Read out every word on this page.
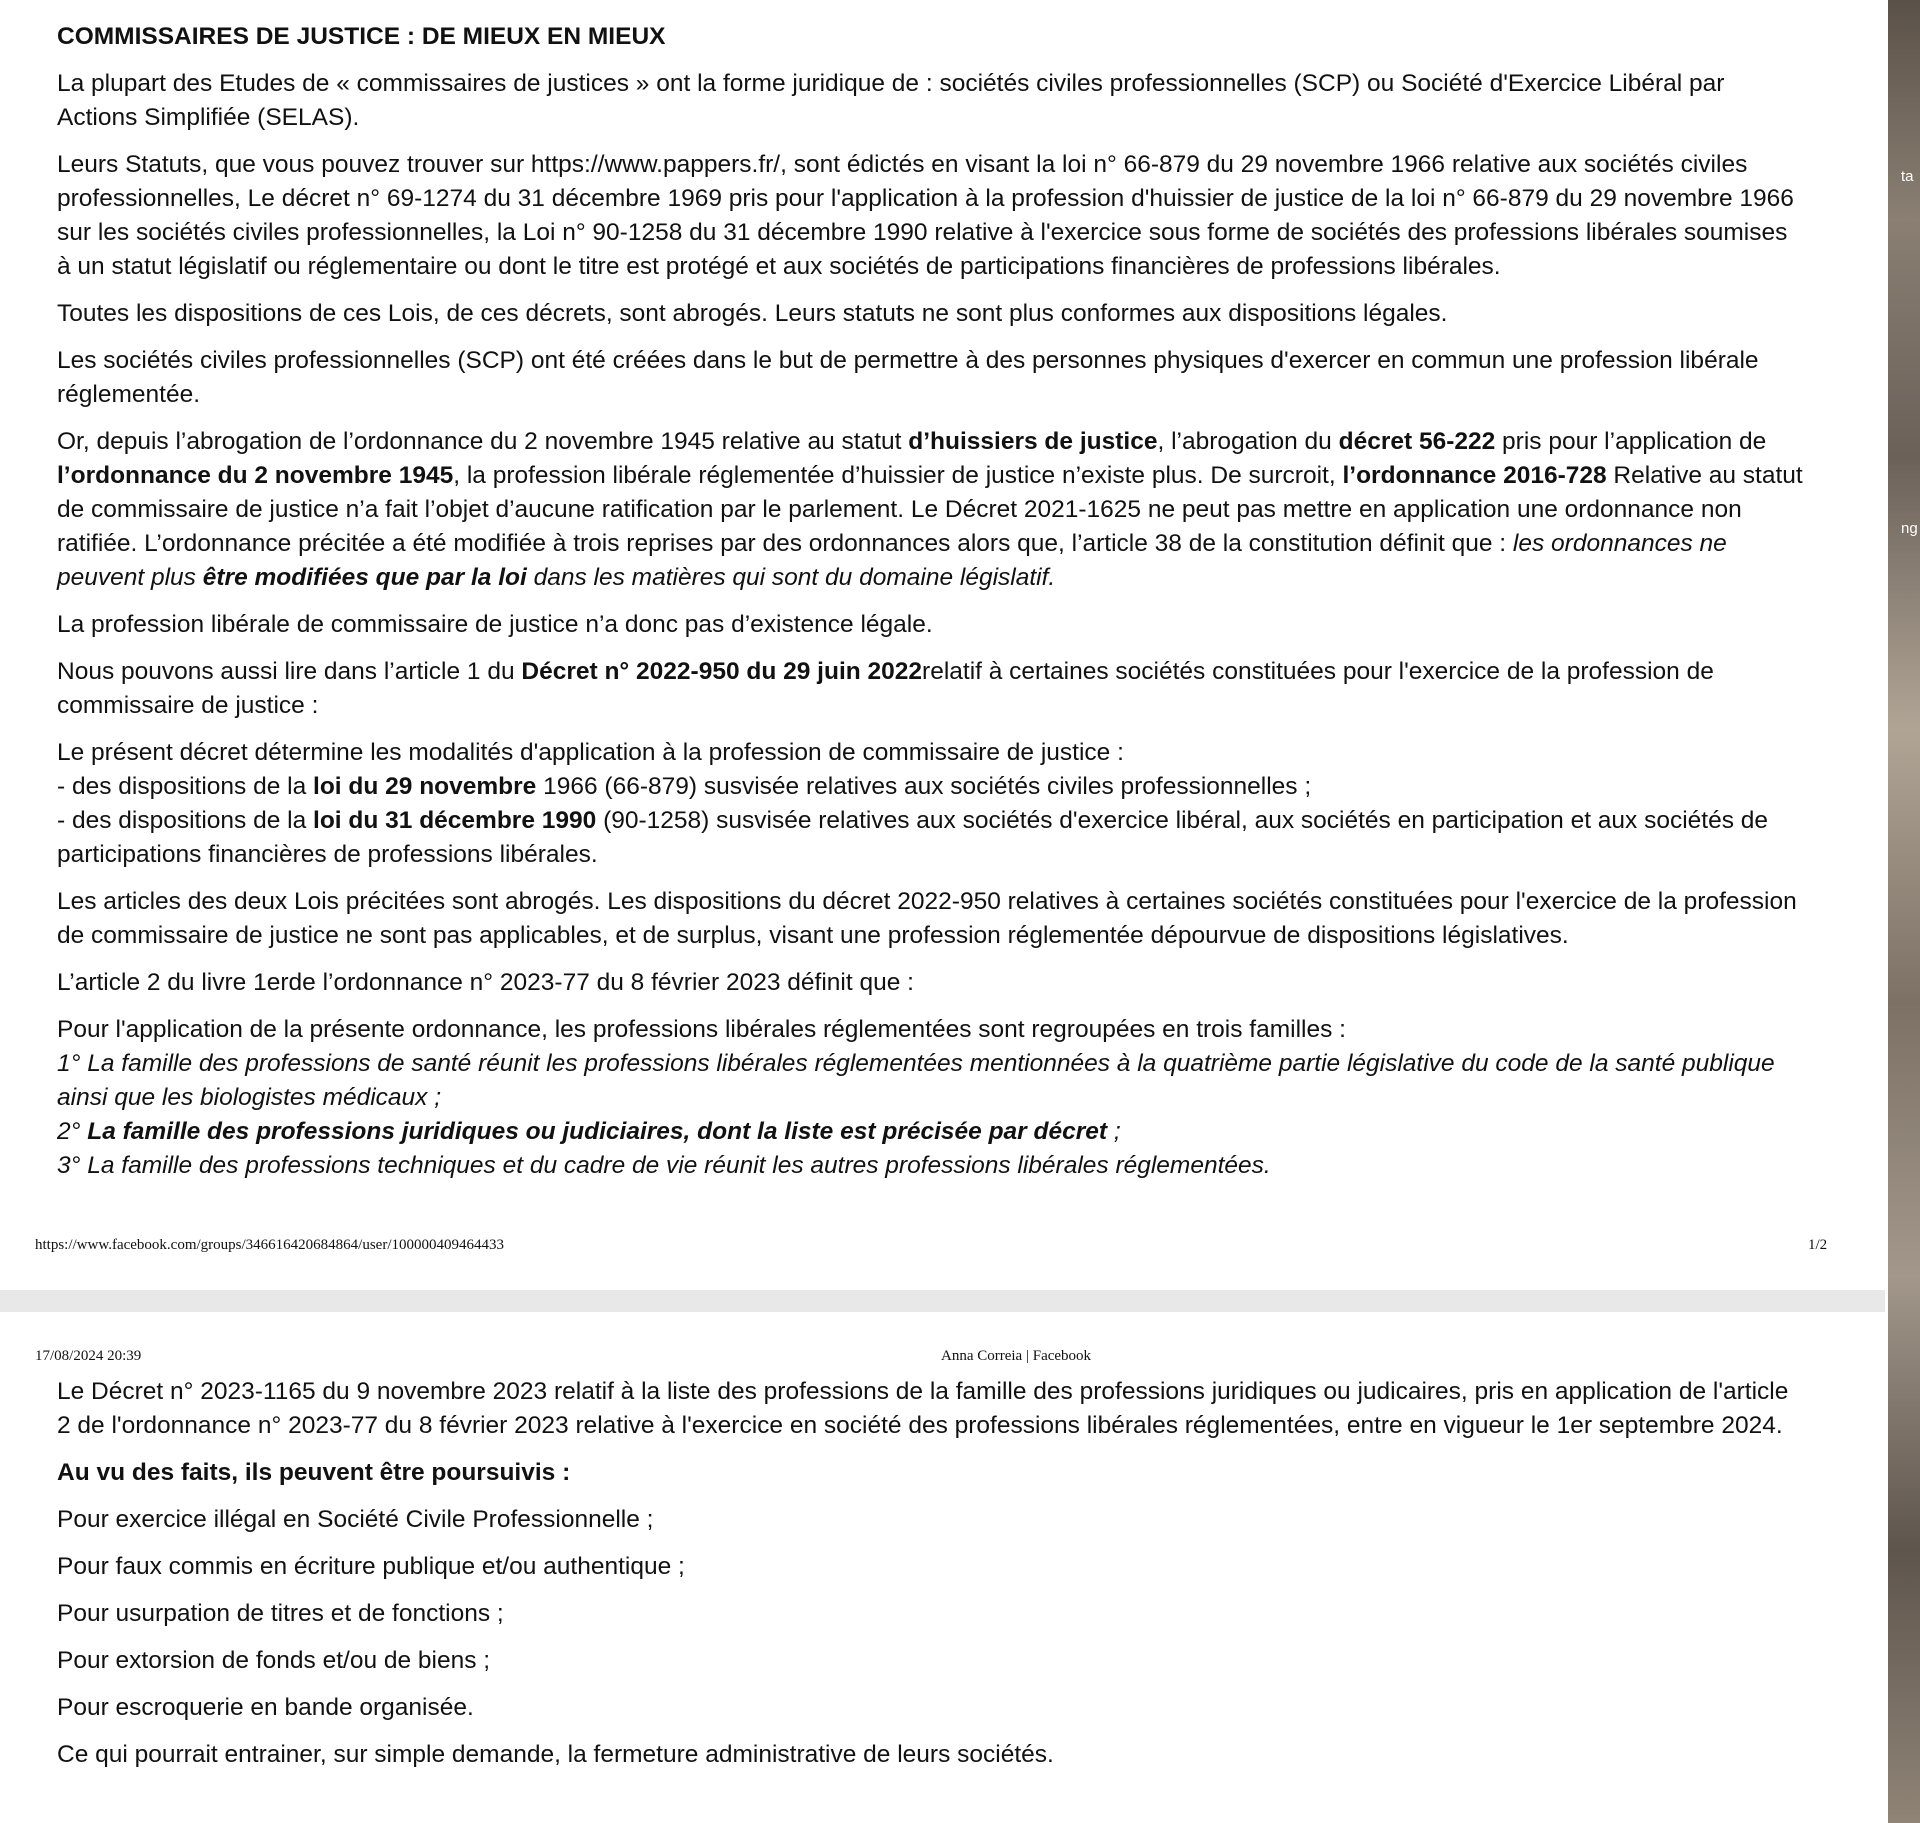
COMMISSAIRES DE JUSTICE : DE MIEUX EN MIEUX

La plupart des Etudes de « commissaires de justices » ont la forme juridique de : sociétés civiles professionnelles (SCP) ou Société d'Exercice Libéral par Actions Simplifiée (SELAS).

Leurs Statuts, que vous pouvez trouver sur https://www.pappers.fr/, sont édictés en visant la loi n° 66-879 du 29 novembre 1966 relative aux sociétés civiles professionnelles, Le décret n° 69-1274 du 31 décembre 1969 pris pour l'application à la profession d'huissier de justice de la loi n° 66-879 du 29 novembre 1966 sur les sociétés civiles professionnelles, la Loi n° 90-1258 du 31 décembre 1990 relative à l'exercice sous forme de sociétés des professions libérales soumises à un statut législatif ou réglementaire ou dont le titre est protégé et aux sociétés de participations financières de professions libérales.

Toutes les dispositions de ces Lois, de ces décrets, sont abrogés. Leurs statuts ne sont plus conformes aux dispositions légales.

Les sociétés civiles professionnelles (SCP) ont été créées dans le but de permettre à des personnes physiques d'exercer en commun une profession libérale réglementée.

Or, depuis l’abrogation de l’ordonnance du 2 novembre 1945 relative au statut d’huissiers de justice, l’abrogation du décret 56-222 pris pour l’application de l’ordonnance du 2 novembre 1945, la profession libérale réglementée d’huissier de justice n’existe plus. De surcroit, l’ordonnance 2016-728 Relative au statut de commissaire de justice n’a fait l’objet d’aucune ratification par le parlement. Le Décret 2021-1625 ne peut pas mettre en application une ordonnance non ratifiée. L’ordonnance précitée a été modifiée à trois reprises par des ordonnances alors que, l’article 38 de la constitution définit que : les ordonnances ne peuvent plus être modifiées que par la loi dans les matières qui sont du domaine législatif.

La profession libérale de commissaire de justice n’a donc pas d’existence légale.

Nous pouvons aussi lire dans l’article 1 du Décret n° 2022-950 du 29 juin 2022relatif à certaines sociétés constituées pour l'exercice de la profession de commissaire de justice :

Le présent décret détermine les modalités d'application à la profession de commissaire de justice :
- des dispositions de la loi du 29 novembre 1966 (66-879) susvisée relatives aux sociétés civiles professionnelles ;
- des dispositions de la loi du 31 décembre 1990 (90-1258) susvisée relatives aux sociétés d'exercice libéral, aux sociétés en participation et aux sociétés de participations financières de professions libérales.

Les articles des deux Lois précitées sont abrogés. Les dispositions du décret 2022-950 relatives à certaines sociétés constituées pour l'exercice de la profession de commissaire de justice ne sont pas applicables, et de surplus, visant une profession réglementée dépourvue de dispositions législatives.

L’article 2 du livre 1erde l’ordonnance n° 2023-77 du 8 février 2023 définit que :

Pour l'application de la présente ordonnance, les professions libérales réglementées sont regroupées en trois familles :
1° La famille des professions de santé réunit les professions libérales réglementées mentionnées à la quatrième partie législative du code de la santé publique ainsi que les biologistes médicaux ;
2° La famille des professions juridiques ou judiciaires, dont la liste est précisée par décret ;
3° La famille des professions techniques et du cadre de vie réunit les autres professions libérales réglementées.

https://www.facebook.com/groups/346616420684864/user/100000409464433	1/2
17/08/2024 20:39	Anna Correia | Facebook

Le Décret n° 2023-1165 du 9 novembre 2023 relatif à la liste des professions de la famille des professions juridiques ou judicaires, pris en application de l'article 2 de l'ordonnance n° 2023-77 du 8 février 2023 relative à l'exercice en société des professions libérales réglementées, entre en vigueur le 1er septembre 2024.

Au vu des faits, ils peuvent être poursuivis :

Pour exercice illégal en Société Civile Professionnelle ;

Pour faux commis en écriture publique et/ou authentique ;

Pour usurpation de titres et de fonctions ;

Pour extorsion de fonds et/ou de biens ;

Pour escroquerie en bande organisée.

Ce qui pourrait entrainer, sur simple demande, la fermeture administrative de leurs sociétés.

ta
ng
